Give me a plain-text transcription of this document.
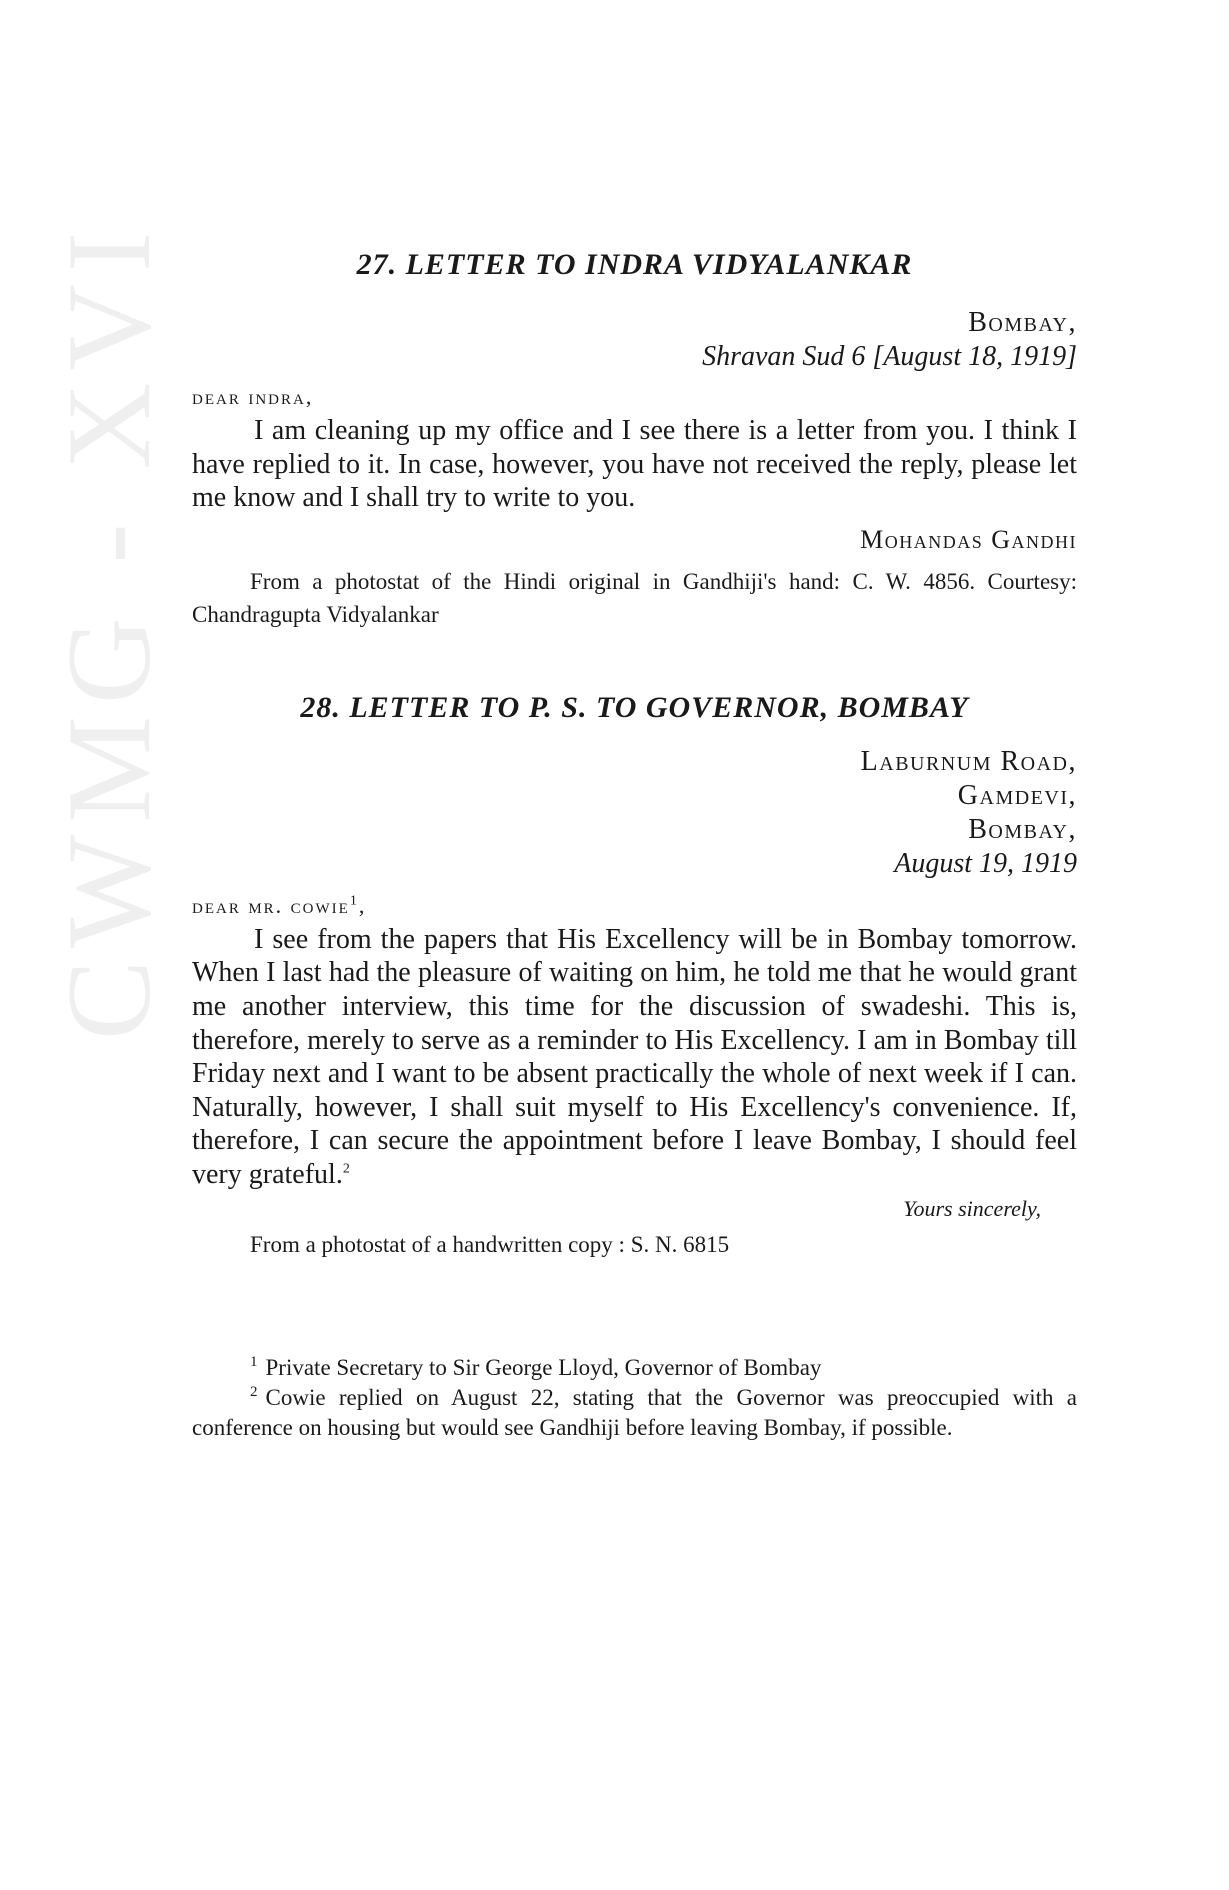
CWMG - XVI	27. LETTER TO INDRA VIDYALANKAR
Bombay,
Shravan Sud 6 [August 18, 1919]
dear indra,

I am cleaning up my office and I see there is a letter from you. I think I have replied to it. In case, however, you have not received the reply, please let me know and I shall try to write to you.

Mohandas Gandhi

From a photostat of the Hindi original in Gandhiji's hand: C. W. 4856. Courtesy: Chandragupta Vidyalankar

28. LETTER TO P. S. TO GOVERNOR, BOMBAY
Laburnum Road,
Gamdevi,
Bombay,
August 19, 1919
dear mr. cowie$^1$,

I see from the papers that His Excellency will be in Bombay tomorrow. When I last had the pleasure of waiting on him, he told me that he would grant me another interview, this time for the discussion of swadeshi. This is, therefore, merely to serve as a reminder to His Excellency. I am in Bombay till Friday next and I want to be absent practically the whole of next week if I can. Naturally, however, I shall suit myself to His Excellency's convenience. If, therefore, I can secure the appointment before I leave Bombay, I should feel very grateful.$^2$

Yours sincerely,

From a photostat of a handwritten copy : S. N. 6815

$^1$ Private Secretary to Sir George Lloyd, Governor of Bombay
$^2$ Cowie replied on August 22, stating that the Governor was preoccupied with a conference on housing but would see Gandhiji before leaving Bombay, if possible.
